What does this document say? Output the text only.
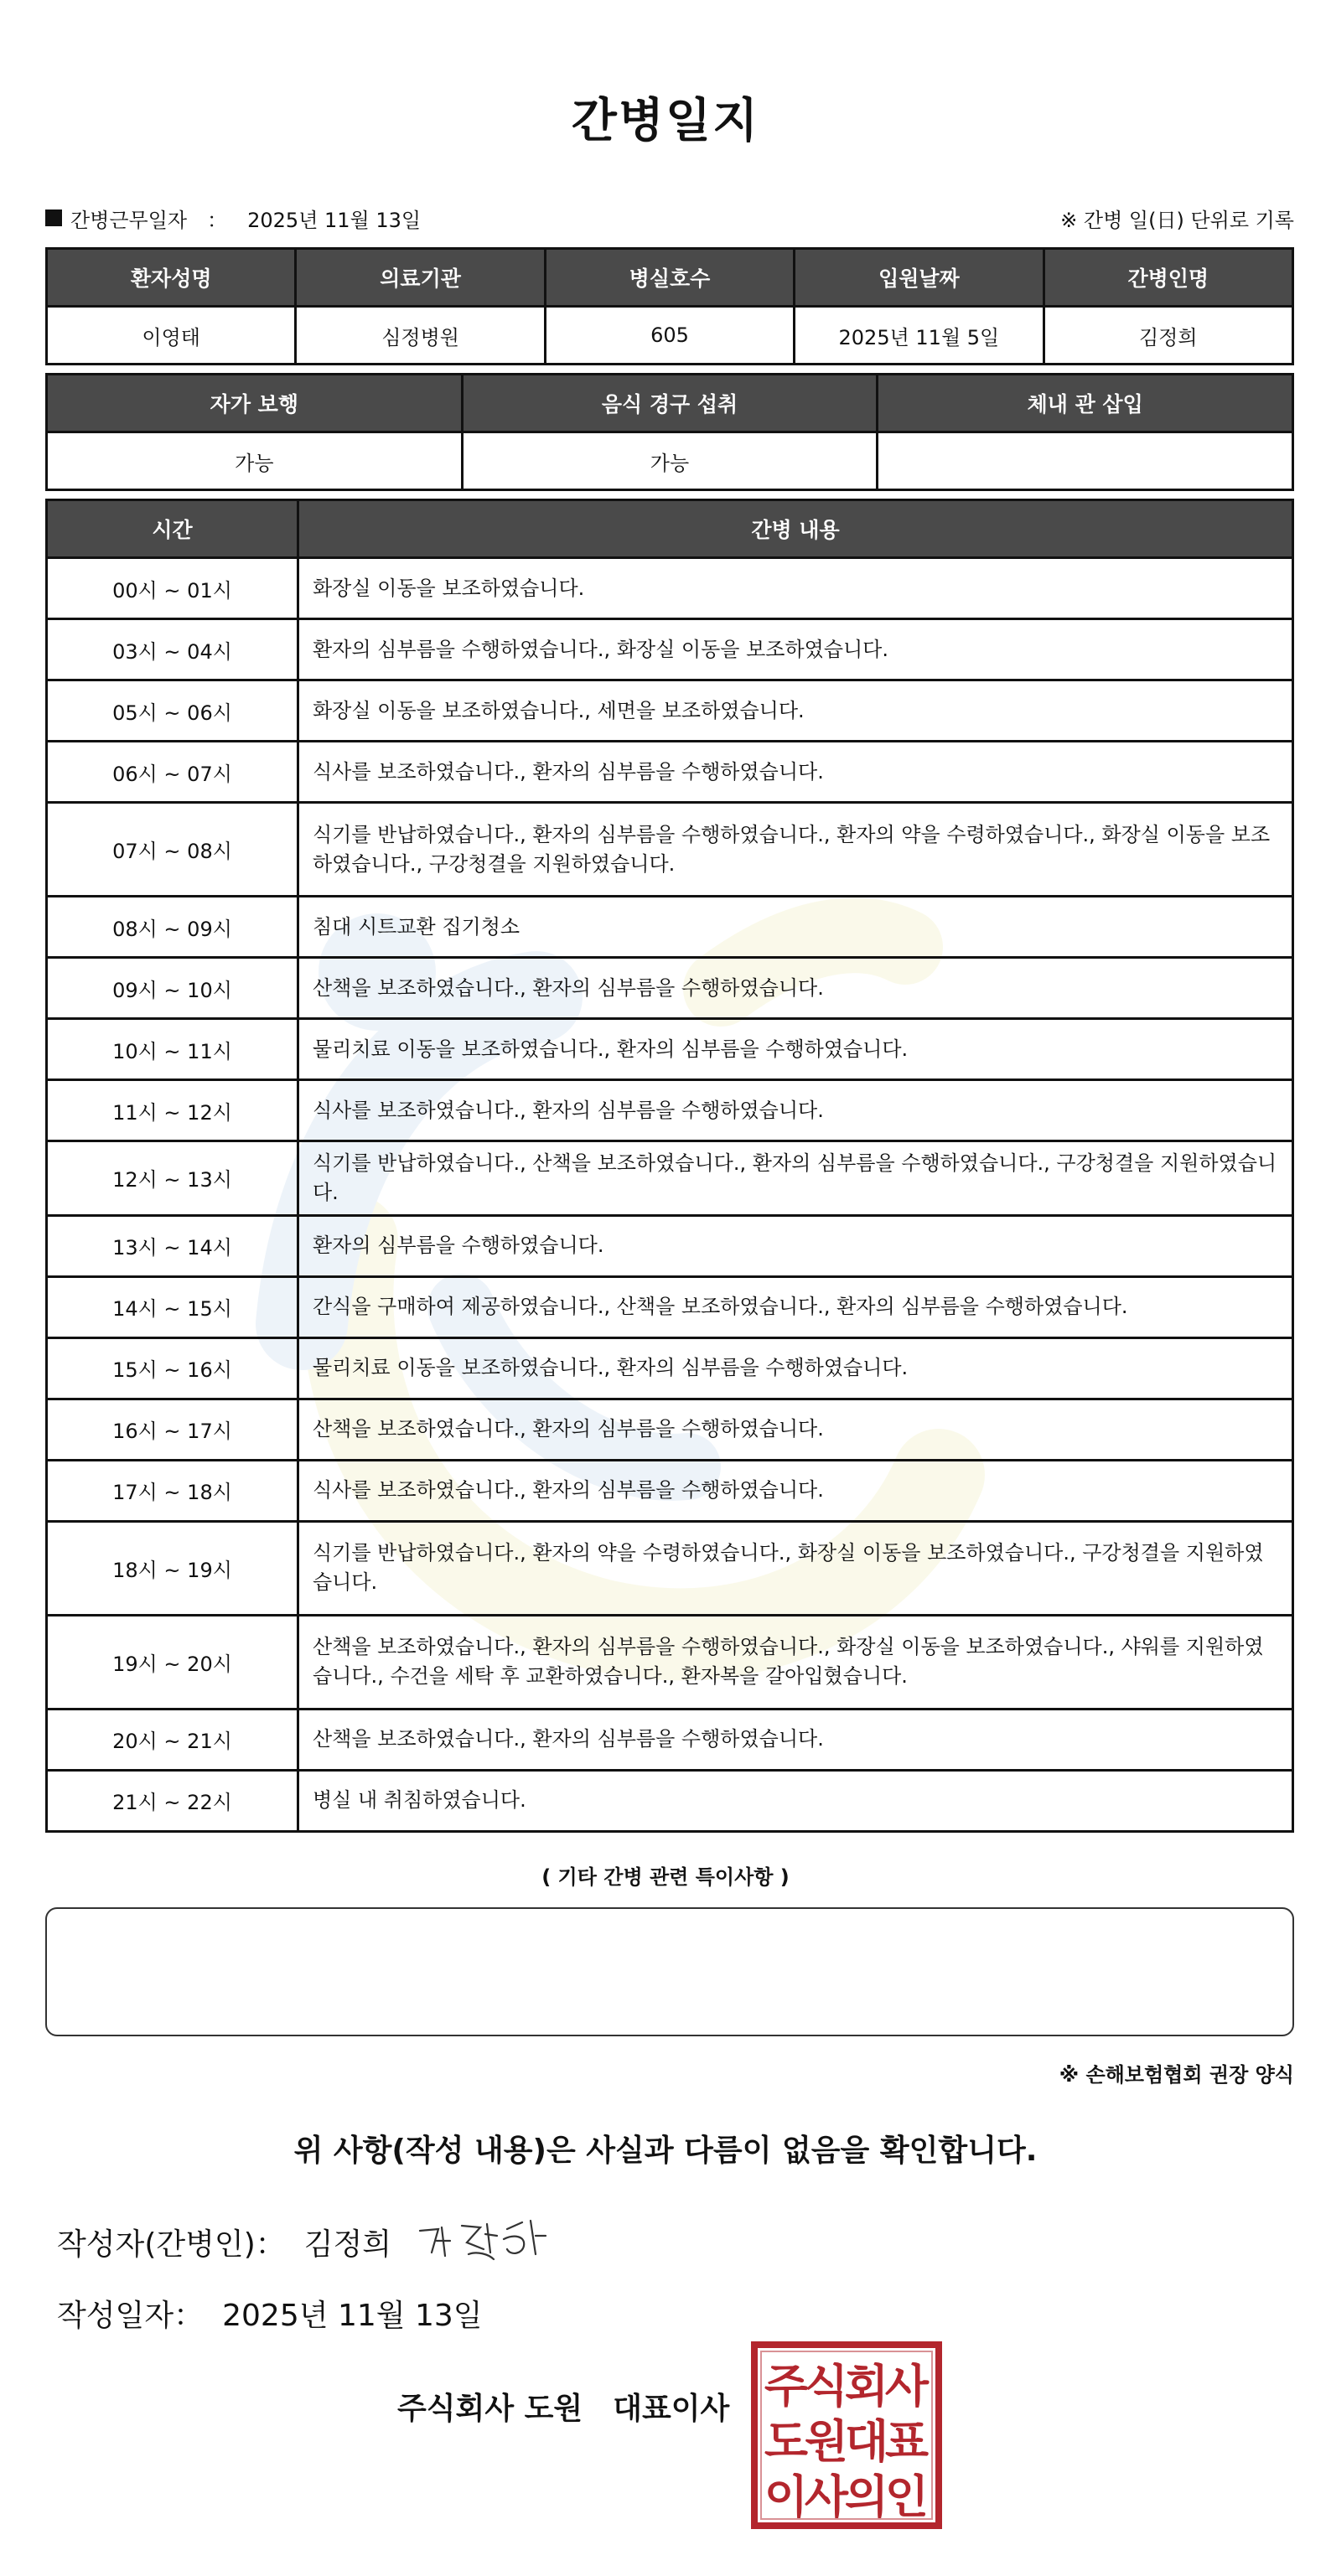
간병일지
간병근무일자 ： 2025년 11월 13일	※ 간병 일(日) 단위로 기록
환자성명	의료기관	병실호수	입원날짜	간병인명
이영태	심정병원	605	2025년 11월 5일	김정희
자가 보행	음식 경구 섭취	체내 관 삽입
가능	가능	
시간	간병 내용
00시 ~ 01시	화장실 이동을 보조하였습니다.
03시 ~ 04시	환자의 심부름을 수행하였습니다., 화장실 이동을 보조하였습니다.
05시 ~ 06시	화장실 이동을 보조하였습니다., 세면을 보조하였습니다.
06시 ~ 07시	식사를 보조하였습니다., 환자의 심부름을 수행하였습니다.
07시 ~ 08시	식기를 반납하였습니다., 환자의 심부름을 수행하였습니다., 환자의 약을 수령하였습니다., 화장실 이동을 보조하였습니다., 구강청결을 지원하였습니다.
08시 ~ 09시	침대 시트교환 집기청소
09시 ~ 10시	산책을 보조하였습니다., 환자의 심부름을 수행하였습니다.
10시 ~ 11시	물리치료 이동을 보조하였습니다., 환자의 심부름을 수행하였습니다.
11시 ~ 12시	식사를 보조하였습니다., 환자의 심부름을 수행하였습니다.
12시 ~ 13시	식기를 반납하였습니다., 산책을 보조하였습니다., 환자의 심부름을 수행하였습니다., 구강청결을 지원하였습니다.
13시 ~ 14시	환자의 심부름을 수행하였습니다.
14시 ~ 15시	간식을 구매하여 제공하였습니다., 산책을 보조하였습니다., 환자의 심부름을 수행하였습니다.
15시 ~ 16시	물리치료 이동을 보조하였습니다., 환자의 심부름을 수행하였습니다.
16시 ~ 17시	산책을 보조하였습니다., 환자의 심부름을 수행하였습니다.
17시 ~ 18시	식사를 보조하였습니다., 환자의 심부름을 수행하였습니다.
18시 ~ 19시	식기를 반납하였습니다., 환자의 약을 수령하였습니다., 화장실 이동을 보조하였습니다., 구강청결을 지원하였습니다.
19시 ~ 20시	산책을 보조하였습니다., 환자의 심부름을 수행하였습니다., 화장실 이동을 보조하였습니다., 샤워를 지원하였습니다., 수건을 세탁 후 교환하였습니다., 환자복을 갈아입혔습니다.
20시 ~ 21시	산책을 보조하였습니다., 환자의 심부름을 수행하였습니다.
21시 ~ 22시	병실 내 취침하였습니다.
( 기타 간병 관련 특이사항 )
※ 손해보험협회 권장 양식
위 사항(작성 내용)은 사실과 다름이 없음을 확인합니다.
작성자(간병인)： 김정희
작성일자： 2025년 11월 13일
주식회사 도원 대표이사 주
식
회
사
도
원
대
표
이
사
의
인
